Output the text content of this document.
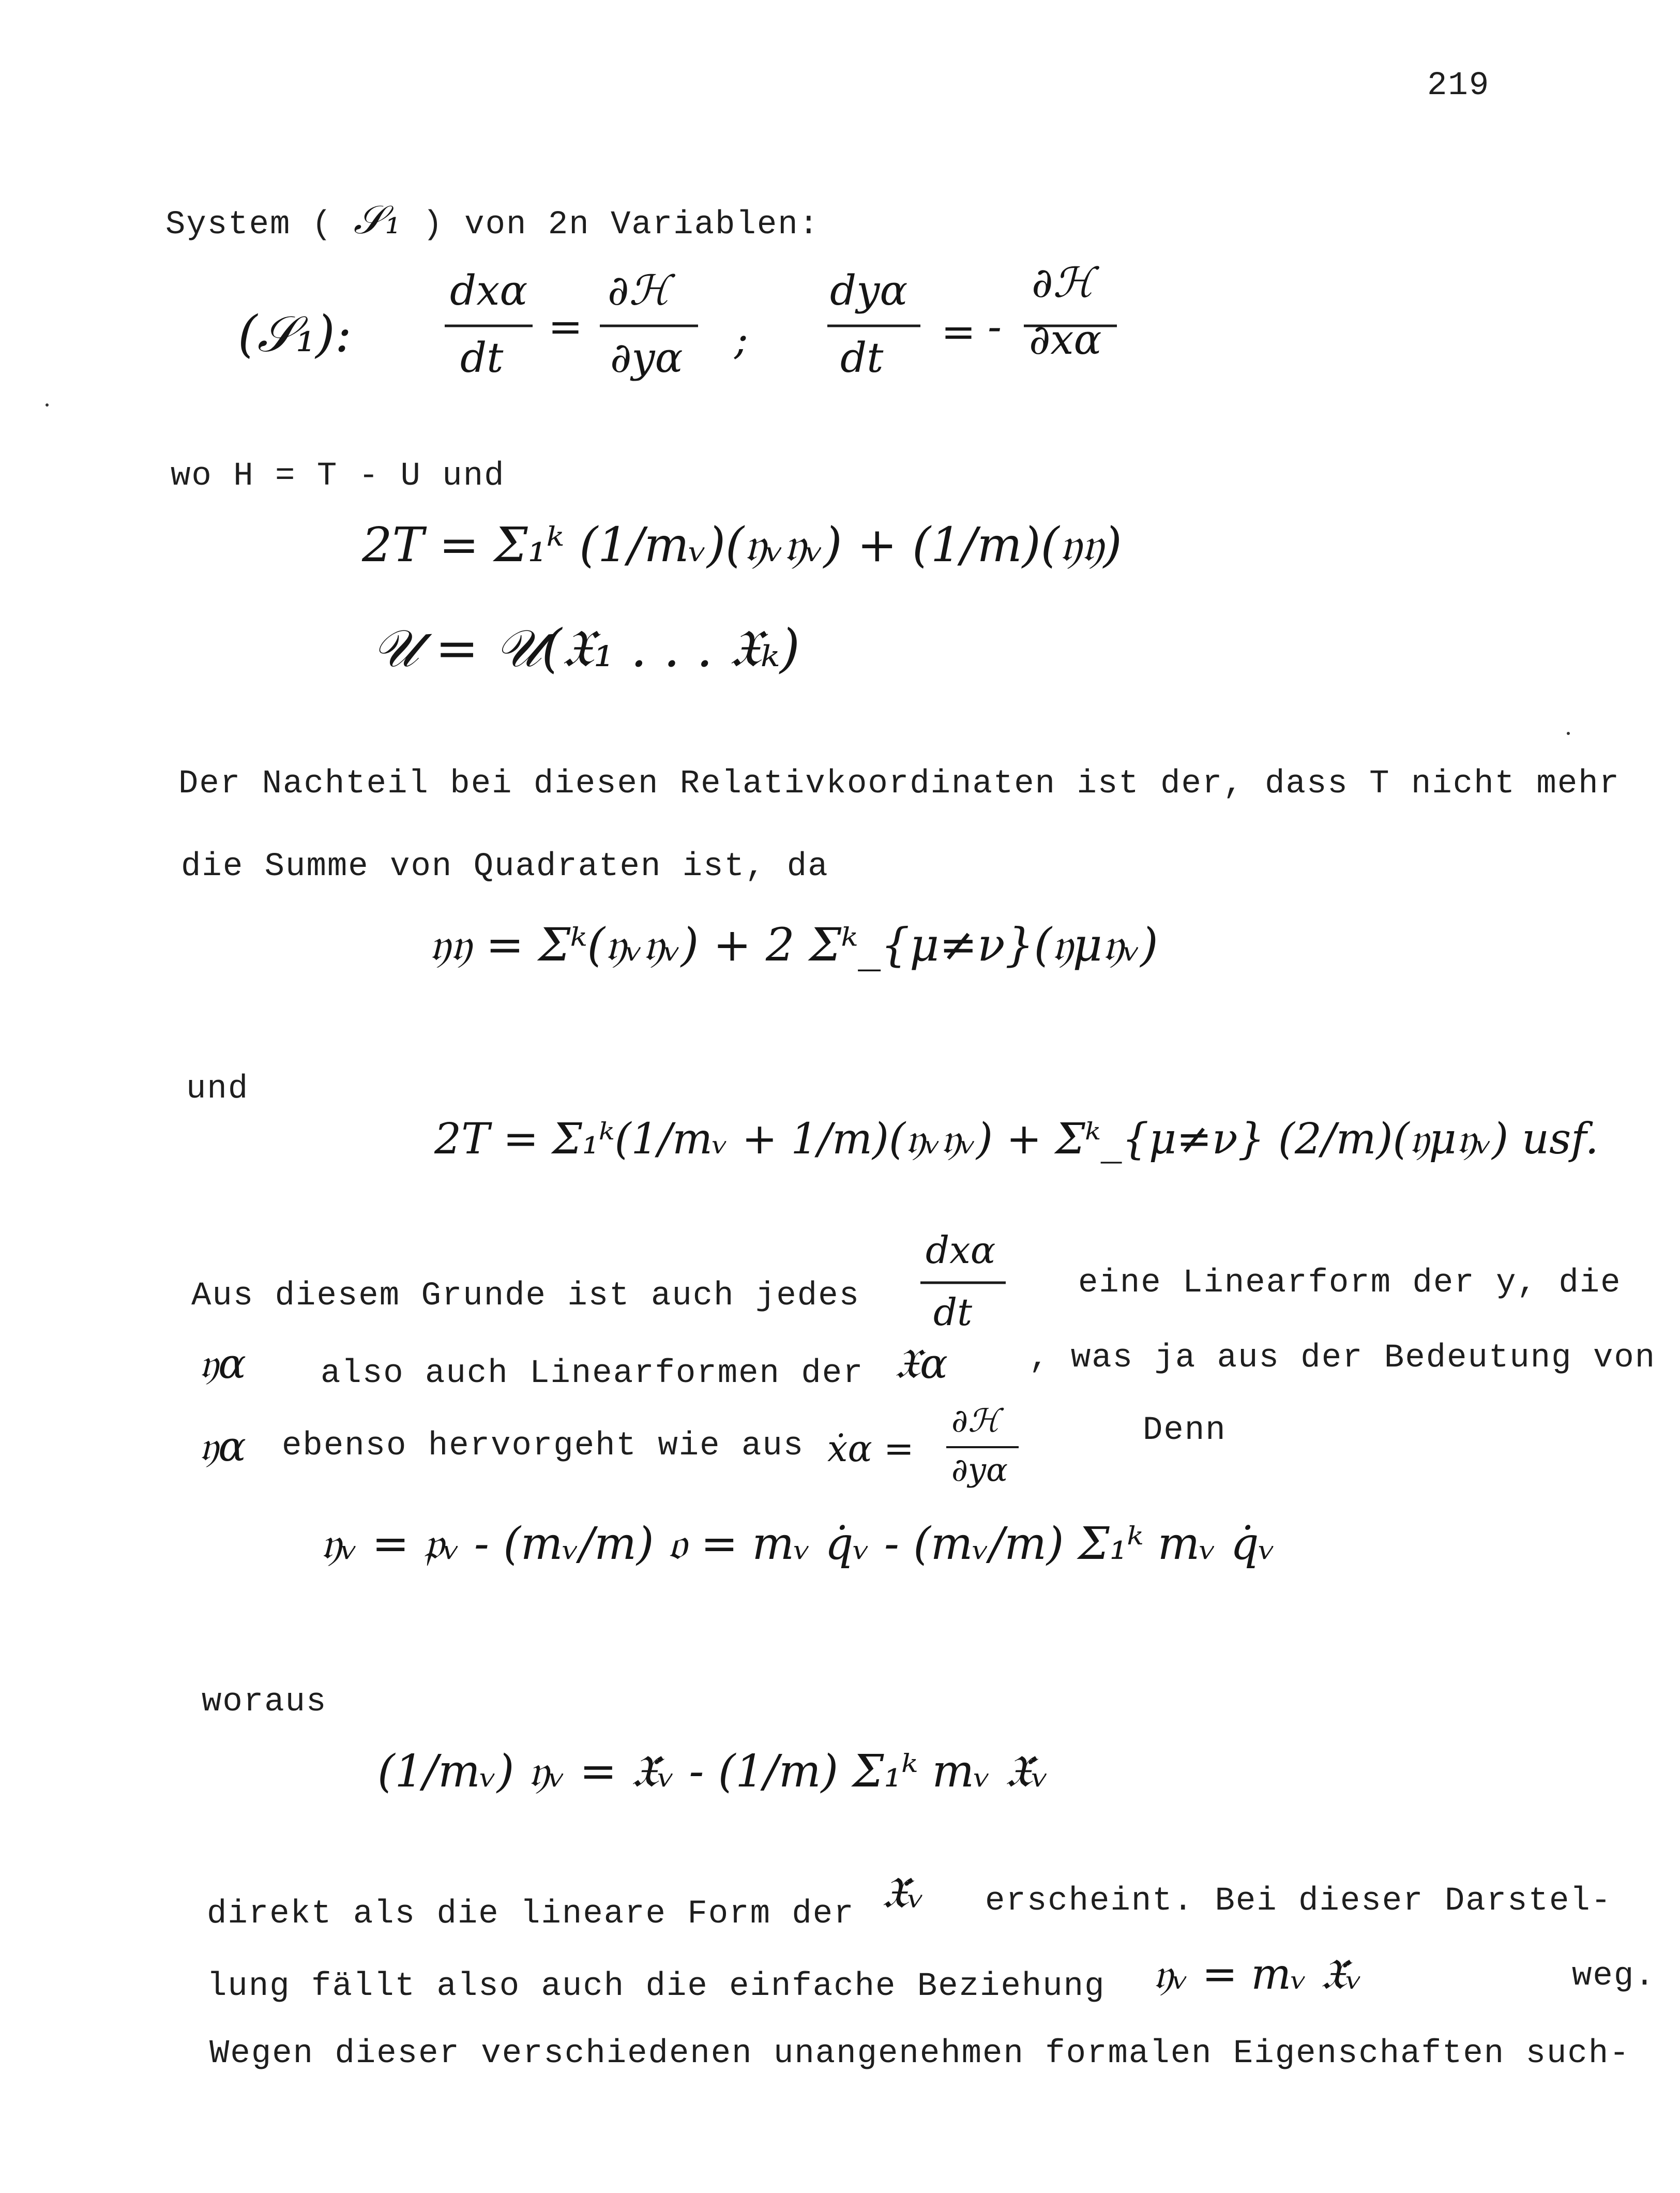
219
System ( 𝒮₁ ) von 2n Variablen:
(𝒮₁):
dxα
dt
=
∂ℋ
∂yα ;
dyα
dt
= -
∂ℋ
∂xα
wo H = T - U und
2T = Σ₁ᵏ (1/mᵥ)(𝔶ᵥ𝔶ᵥ) + (1/m)(𝔶𝔶)
𝒰 = 𝒰(𝔛₁ . . . 𝔛ₖ)
Der Nachteil bei diesen Relativkoordinaten ist der, dass T nicht mehr
die Summe von Quadraten ist, da
𝔶𝔶 = Σᵏ(𝔶ᵥ𝔶ᵥ) + 2 Σᵏ_{μ≠ν}(𝔶μ𝔶ᵥ)
und
2T = Σ₁ᵏ(1/mᵥ + 1/m)(𝔶ᵥ𝔶ᵥ) + Σᵏ_{μ≠ν} (2/m)(𝔶μ𝔶ᵥ) usf.
Aus diesem Grunde ist auch jedes
dxα
dt
eine Linearform der y, die
𝔶α also auch Linearformen der 𝔛α , was ja aus der Bedeutung von
𝔶α ebenso hervorgeht wie aus ẋα =
∂ℋ
∂yα
Denn
𝔶ᵥ = 𝔭ᵥ - (mᵥ/m) 𝔬 = mᵥ q̇ᵥ - (mᵥ/m) Σ₁ᵏ mᵥ q̇ᵥ
woraus
(1/mᵥ) 𝔶ᵥ = 𝔛̇ᵥ - (1/m) Σ₁ᵏ mᵥ 𝔛̇ᵥ
direkt als die lineare Form der 𝔛̇ᵥ erscheint. Bei dieser Darstel-
lung fällt also auch die einfache Beziehung 𝔶ᵥ = mᵥ 𝔛̇ᵥ	weg.
Wegen dieser verschiedenen unangenehmen formalen Eigenschaften such-
